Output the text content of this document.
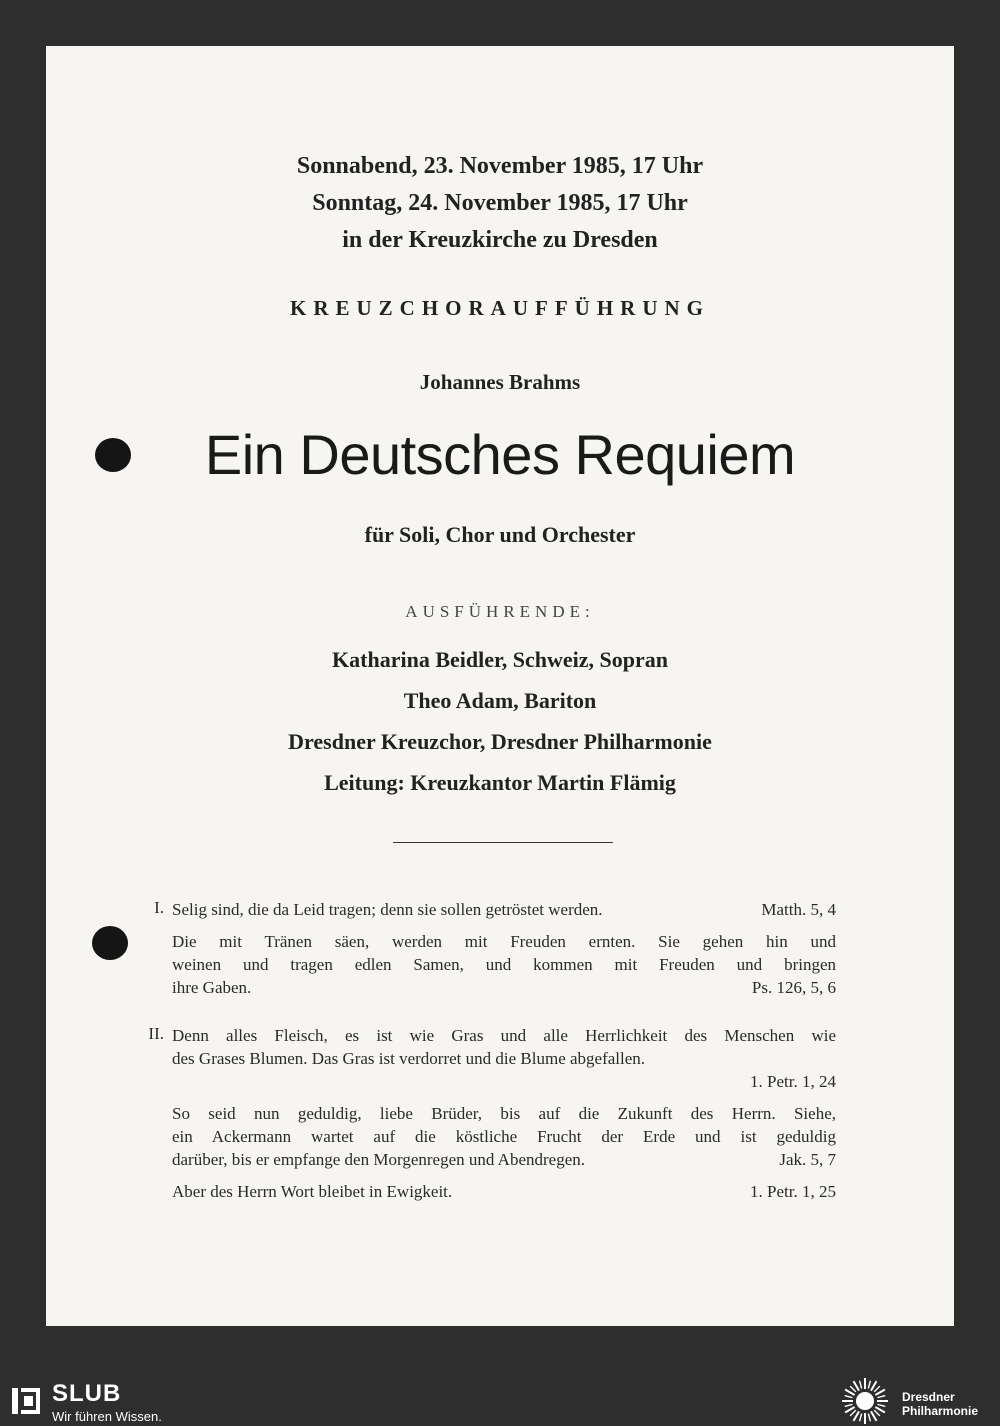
Sonnabend, 23. November 1985, 17 Uhr
Sonntag, 24. November 1985, 17 Uhr
in der Kreuzkirche zu Dresden
KREUZCHORAUFFÜHRUNG
Johannes Brahms
Ein Deutsches Requiem
für Soli, Chor und Orchester
AUSFÜHRENDE:
Katharina Beidler, Schweiz, Sopran
Theo Adam, Bariton
Dresdner Kreuzchor, Dresdner Philharmonie
Leitung: Kreuzkantor Martin Flämig
I. Selig sind, die da Leid tragen; denn sie sollen getröstet werden.	Matth. 5, 4
Die mit Tränen säen, werden mit Freuden ernten. Sie gehen hin und
weinen und tragen edlen Samen, und kommen mit Freuden und bringen
ihre Gaben.	Ps. 126, 5, 6
II. Denn alles Fleisch, es ist wie Gras und alle Herrlichkeit des Menschen wie
des Grases Blumen. Das Gras ist verdorret und die Blume abgefallen.
1. Petr. 1, 24
So seid nun geduldig, liebe Brüder, bis auf die Zukunft des Herrn. Siehe,
ein Ackermann wartet auf die köstliche Frucht der Erde und ist geduldig
darüber, bis er empfange den Morgenregen und Abendregen.	Jak. 5, 7
Aber des Herrn Wort bleibet in Ewigkeit.	1. Petr. 1, 25
SLUB
Wir führen Wissen.
Dresdner
Philharmonie
